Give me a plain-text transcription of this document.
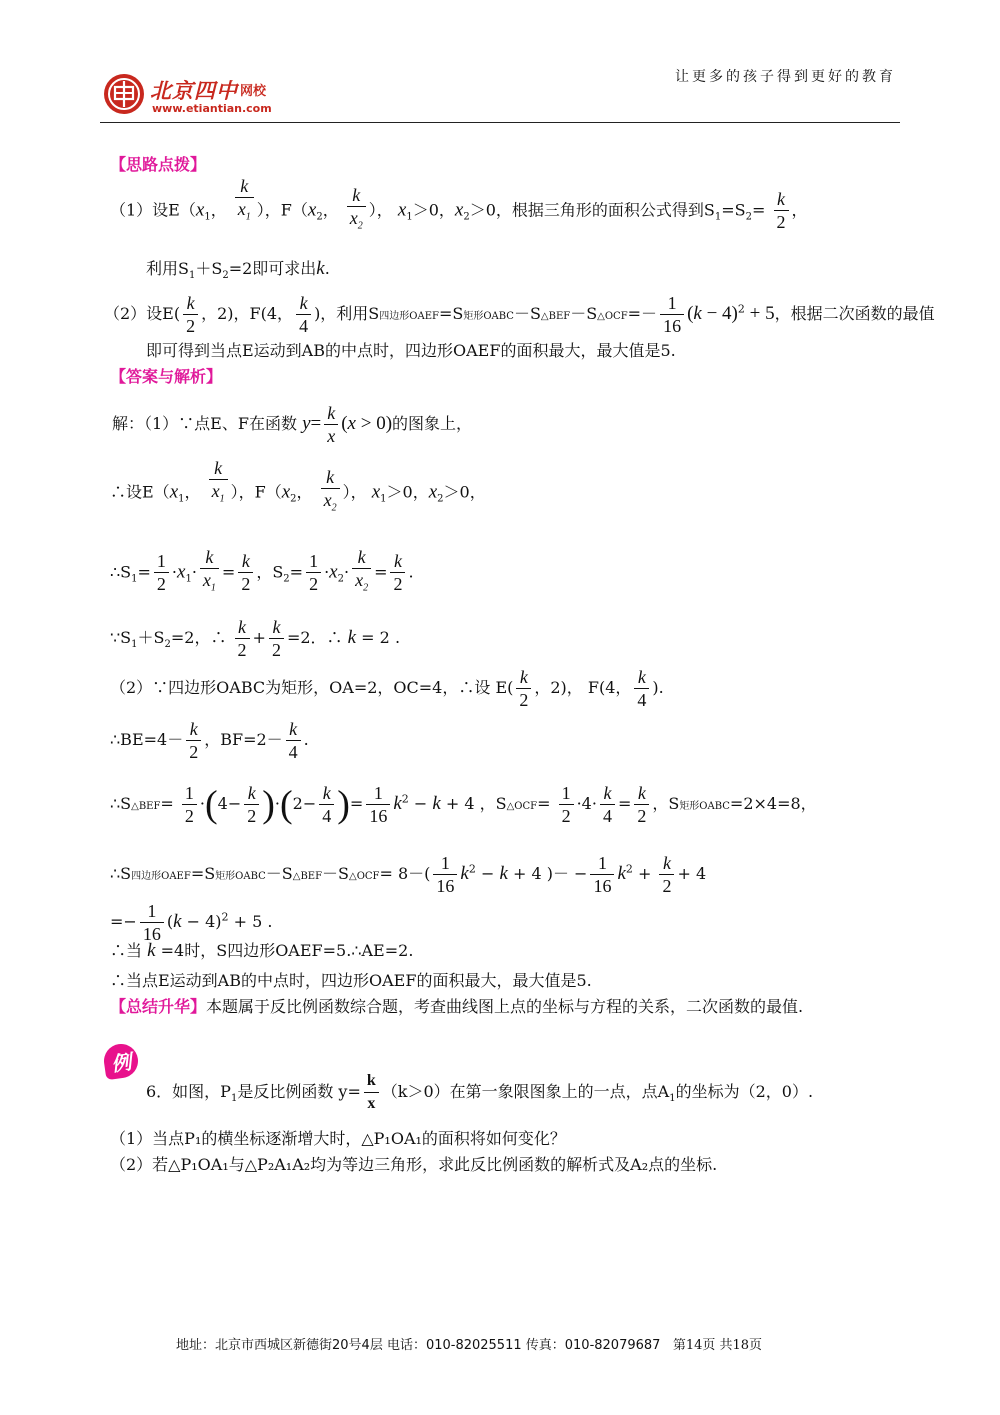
北京四中 网校
www.etiantian.com
让更多的孩子得到更好的教育
【思路点拨】
（1）设$E(x_1$， $\frac{k}{x_1}$ ），$F(x_2$， $\frac{k}{x_2}$ ）， $x_1>0$，$x_2>0$，根据三角形的面积公式得到$S_1=S_2= \frac{k}{2}$ ，
利用$S_1+S_2=2$即可求出k.
（2）设$E( \frac{k}{2}$ ，2)，F(4， $\frac{k}{4}$ )，利用S四边形OAEF=S矩形OABC－S△BEF－S△OCF=－ $\frac{1}{16} (k - 4)^2 + 5$，根据二次函数的最值
即可得到当点E运动到AB的中点时，四边形OAEF的面积最大，最大值是5.
【答案与解析】
解：（1）∵点E、F在函数 $y= \frac{k}{x} (x > 0)$的图象上，
∴设$E(x_1$， $\frac{k}{x_1}$ ），$F(x_2$， $\frac{k}{x_2}$ ）， $x_1>0$，$x_2>0$，
$\therefore S_1= \frac{1}{2} \cdot x_1\cdot \frac{k}{x_1} = \frac{k}{2}$ ，$S_2= \frac{1}{2} \cdot x_2\cdot \frac{k}{x_2} = \frac{k}{2}$ .
$\because S_1+S_2=2$，∴ $\frac{k}{2} + \frac{k}{2} =2$．∴ k = 2 .
（2）∵四边形OABC为矩形，OA=2，OC=4，∴设 $E( \frac{k}{2}$ ，2)， F(4， $\frac{k}{4}$ ).
∴BE=4－ $\frac{k}{2}$ ，$BF=2- \frac{k}{4}$ .
∴S△BEF= $\frac{1}{2} \cdot(4- \frac{k}{2} )\cdot(2- \frac{k}{4}$ )= $\frac{1}{16} k^2 - k + 4$ ，S△OCF= $\frac{1}{2} \cdot 4\cdot \frac{k}{4} = \frac{k}{2}$ ，S矩形OABC=2×4=8，
∴S四边形OAEF=S矩形OABC－S△BEF－S△OCF= $8-( \frac{1}{16} k^2 - k + 4$ )－ − $\frac{1}{16} k^2 + \frac{k}{2} + 4$
=− $\frac{1}{16} (k - 4)^2 + 5$ .
∴当 k =4时，S四边形OAEF=5.∴AE=2.
∴当点E运动到AB的中点时，四边形OAEF的面积最大，最大值是5.
【总结升华】本题属于反比例函数综合题，考查曲线图上点的坐标与方程的关系，二次函数的最值.
例
6．如图，$P_1$是反比例函数 $y= \frac{k}{x} (k>0)$在第一象限图象上的一点，点$A_1$的坐标为（2，0）.
（1）当点P₁的横坐标逐渐增大时，△P₁OA₁的面积将如何变化？
（2）若△P₁OA₁与△P₂A₁A₂均为等边三角形，求此反比例函数的解析式及A₂点的坐标.
地址：北京市西城区新德街20号4层 电话：010-82025511 传真：010-82079687 第14页 共18页
